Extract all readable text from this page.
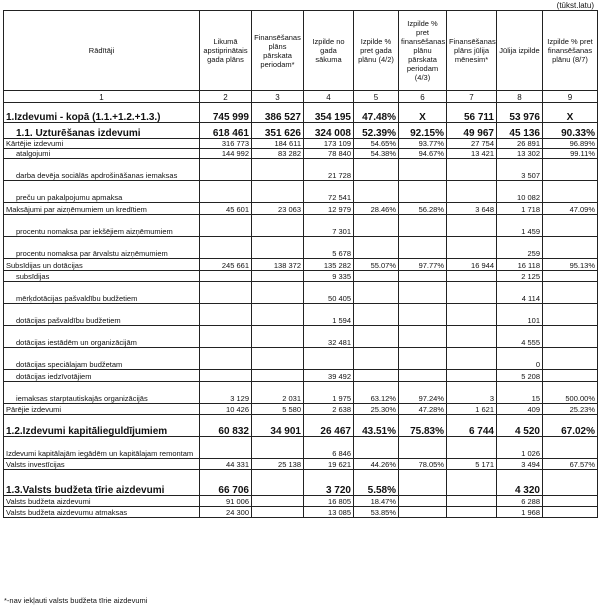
(tūkst.latu)
Rādītāji	Likumā apstiprinātais gada plāns	Finansēšanas plāns pārskata periodam*	Izpilde no gada sākuma	Izpilde % pret gada plānu (4/2)	Izpilde % pret finansēšanas plānu pārskata periodam (4/3)	Finansēšanas plāns jūlija mēnesim*	Jūlija izpilde	Izpilde % pret finansēšanas plānu (8/7)
1	2	3	4	5	6	7	8	9
1.Izdevumi - kopā (1.1.+1.2.+1.3.)	745 999	386 527	354 195	47.48%	X	56 711	53 976	X
1.1. Uzturēšanas izdevumi	618 461	351 626	324 008	52.39%	92.15%	49 967	45 136	90.33%
Kārtējie izdevumi	316 773	184 611	173 109	54.65%	93.77%	27 754	26 891	96.89%
atalgojumi	144 992	83 282	78 840	54.38%	94.67%	13 421	13 302	99.11%
darba devēja sociālās apdrošināšanas iemaksas			21 728				3 507	
preču un pakalpojumu apmaksa			72 541				10 082	
Maksājumi par aizņēmumiem un kredītiem	45 601	23 063	12 979	28.46%	56.28%	3 648	1 718	47.09%
procentu nomaksa par iekšējiem aizņēmumiem			7 301				1 459	
procentu nomaksa par ārvalstu aizņēmumiem			5 678				259	
Subsīdijas un dotācijas	245 661	138 372	135 282	55.07%	97.77%	16 944	16 118	95.13%
subsīdijas			9 335				2 125	
mērķdotācijas pašvaldību budžetiem			50 405				4 114	
dotācijas pašvaldību budžetiem			1 594				101	
dotācijas iestādēm un organizācijām			32 481				4 555	
dotācijas speciālajam budžetam							0	
dotācijas iedzīvotājiem			39 492				5 208	
iemaksas starptautiskajās organizācijās	3 129	2 031	1 975	63.12%	97.24%	3	15	500.00%
Pārējie izdevumi	10 426	5 580	2 638	25.30%	47.28%	1 621	409	25.23%
1.2.Izdevumi kapitālieguldījumiem	60 832	34 901	26 467	43.51%	75.83%	6 744	4 520	67.02%
Izdevumi kapitālajām iegādēm un kapitālajam remontam			6 846				1 026	
Valsts investīcijas	44 331	25 138	19 621	44.26%	78.05%	5 171	3 494	67.57%
1.3.Valsts budžeta tīrie aizdevumi	66 706		3 720	5.58%			4 320	
Valsts budžeta aizdevumi	91 006		16 805	18.47%			6 288	
Valsts budžeta aizdevumu atmaksas	24 300		13 085	53.85%			1 968	
*-nav iekļauti valsts budžeta tīrie aizdevumi
